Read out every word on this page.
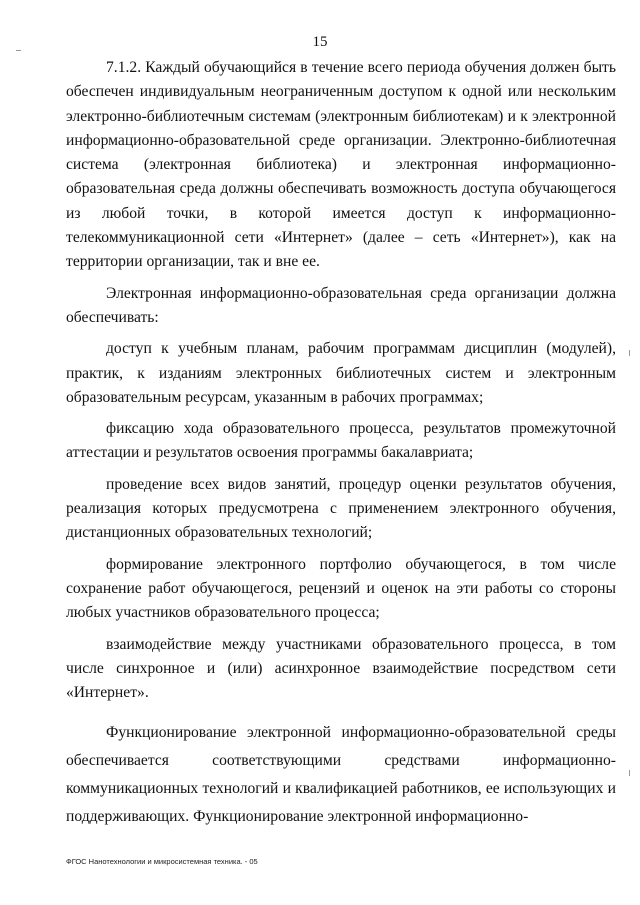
15

7.1.2. Каждый обучающийся в течение всего периода обучения должен быть обеспечен индивидуальным неограниченным доступом к одной или нескольким электронно-библиотечным системам (электронным библиотекам) и к электронной информационно-образовательной среде организации. Электронно-библиотечная система (электронная библиотека) и электронная информационно-образовательная среда должны обеспечивать возможность доступа обучающегося из любой точки, в которой имеется доступ к информационно-телекоммуникационной сети «Интернет» (далее – сеть «Интернет»), как на территории организации, так и вне ее.

Электронная информационно-образовательная среда организации должна обеспечивать:

доступ к учебным планам, рабочим программам дисциплин (модулей), практик, к изданиям электронных библиотечных систем и электронным образовательным ресурсам, указанным в рабочих программах;

фиксацию хода образовательного процесса, результатов промежуточной аттестации и результатов освоения программы бакалавриата;

проведение всех видов занятий, процедур оценки результатов обучения, реализация которых предусмотрена с применением электронного обучения, дистанционных образовательных технологий;

формирование электронного портфолио обучающегося, в том числе сохранение работ обучающегося, рецензий и оценок на эти работы со стороны любых участников образовательного процесса;

взаимодействие между участниками образовательного процесса, в том числе синхронное и (или) асинхронное взаимодействие посредством сети «Интернет».

Функционирование электронной информационно-образовательной среды обеспечивается соответствующими средствами информационно-коммуникационных технологий и квалификацией работников, ее использующих и поддерживающих. Функционирование электронной информационно-

ФГОС Нанотехнологии и микросистемная техника. - 05
